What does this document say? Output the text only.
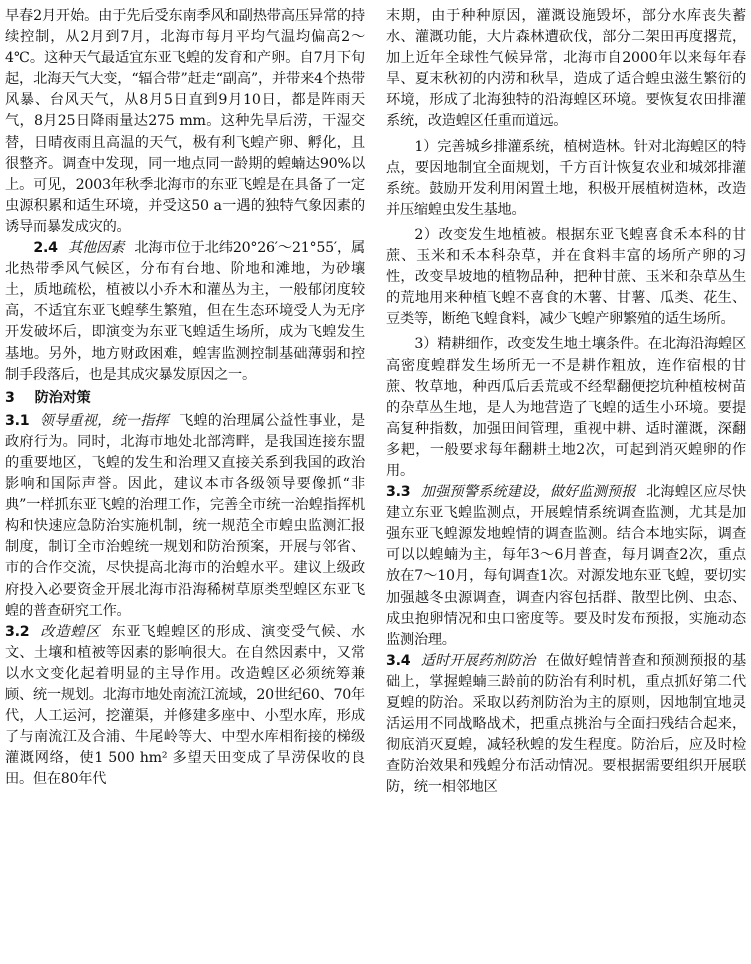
早春2月开始。由于先后受东南季风和副热带高压异常的持续控制，从2月到7月，北海市每月平均气温均偏高2～4℃。这种天气最适宜东亚飞蝗的发育和产卵。自7月下旬起，北海天气大变，“辐合带”赶走“副高”，并带来4个热带风暴、台风天气，从8月5日直到9月10日，都是阵雨天气，8月25日降雨量达275 mm。这种先旱后涝，干湿交替，日晴夜雨且高温的天气，极有利飞蝗产卵、孵化，且很整齐。调查中发现，同一地点同一龄期的蝗蝻达90%以上。可见，2003年秋季北海市的东亚飞蝗是在具备了一定虫源积累和适生环境，并受这50 a一遇的独特气象因素的诱导而暴发成灾的。

2.4 其他因素 北海市位于北纬20°26′～21°55′，属北热带季风气候区，分布有台地、阶地和滩地，为砂壤土，质地疏松，植被以小乔木和灌丛为主，一般郁闭度较高，不适宜东亚飞蝗孳生繁殖，但在生态环境受人为无序开发破坏后，即演变为东亚飞蝗适生场所，成为飞蝗发生基地。另外，地方财政困难，蝗害监测控制基础薄弱和控制手段落后，也是其成灾暴发原因之一。

3 防治对策

3.1 领导重视，统一指挥 飞蝗的治理属公益性事业，是政府行为。同时，北海市地处北部湾畔，是我国连接东盟的重要地区，飞蝗的发生和治理又直接关系到我国的政治影响和国际声誉。因此，建议本市各级领导要像抓“非典”一样抓东亚飞蝗的治理工作，完善全市统一治蝗指挥机构和快速应急防治实施机制，统一规范全市蝗虫监测汇报制度，制订全市治蝗统一规划和防治预案，开展与邻省、市的合作交流，尽快提高北海市的治蝗水平。建议上级政府投入必要资金开展北海市沿海稀树草原类型蝗区东亚飞蝗的普查研究工作。

3.2 改造蝗区 东亚飞蝗蝗区的形成、演变受气候、水文、土壤和植被等因素的影响很大。在自然因素中，又常以水文变化起着明显的主导作用。改造蝗区必须统筹兼顾、统一规划。北海市地处南流江流域，20世纪60、70年代，人工运河，挖灌渠，并修建多座中、小型水库，形成了与南流江及合浦、牛尾岭等大、中型水库相衔接的梯级灌溉网络，使1 500 hm² 多望天田变成了旱涝保收的良田。但在80年代

末期，由于种种原因，灌溉设施毁坏，部分水库丧失蓄水、灌溉功能，大片森林遭砍伐，部分二架田再度撂荒，加上近年全球性气候异常，北海市自2000年以来每年春旱、夏末秋初的内涝和秋旱，造成了适合蝗虫滋生繁衍的环境，形成了北海独特的沿海蝗区环境。要恢复农田排灌系统，改造蝗区任重而道远。

1）完善城乡排灌系统，植树造林。针对北海蝗区的特点，要因地制宜全面规划，千方百计恢复农业和城郊排灌系统。鼓励开发利用闲置土地，积极开展植树造林，改造并压缩蝗虫发生基地。

2）改变发生地植被。根据东亚飞蝗喜食禾本科的甘蔗、玉米和禾本科杂草，并在食料丰富的场所产卵的习性，改变旱坡地的植物品种，把种甘蔗、玉米和杂草丛生的荒地用来种植飞蝗不喜食的木薯、甘薯、瓜类、花生、豆类等，断绝飞蝗食料，减少飞蝗产卵繁殖的适生场所。

3）精耕细作，改变发生地土壤条件。在北海沿海蝗区高密度蝗群发生场所无一不是耕作粗放，连作宿根的甘蔗、牧草地，种西瓜后丢荒或不经犁翻便挖坑种植桉树苗的杂草丛生地，是人为地营造了飞蝗的适生小环境。要提高复种指数，加强田间管理，重视中耕、适时灌溉，深翻多耙，一般要求每年翻耕土地2次，可起到消灭蝗卵的作用。

3.3 加强预警系统建设，做好监测预报 北海蝗区应尽快建立东亚飞蝗监测点，开展蝗情系统调查监测，尤其是加强东亚飞蝗源发地蝗情的调查监测。结合本地实际，调查可以以蝗蝻为主，每年3～6月普查，每月调查2次，重点放在7～10月，每旬调查1次。对源发地东亚飞蝗，要切实加强越冬虫源调查，调查内容包括群、散型比例、虫态、成虫抱卵情况和虫口密度等。要及时发布预报，实施动态监测治理。

3.4 适时开展药剂防治 在做好蝗情普查和预测预报的基础上，掌握蝗蝻三龄前的防治有利时机，重点抓好第二代夏蝗的防治。采取以药剂防治为主的原则，因地制宜地灵活运用不同战略战术，把重点挑治与全面扫残结合起来，彻底消灭夏蝗，减轻秋蝗的发生程度。防治后，应及时检查防治效果和残蝗分布活动情况。要根据需要组织开展联防，统一相邻地区
